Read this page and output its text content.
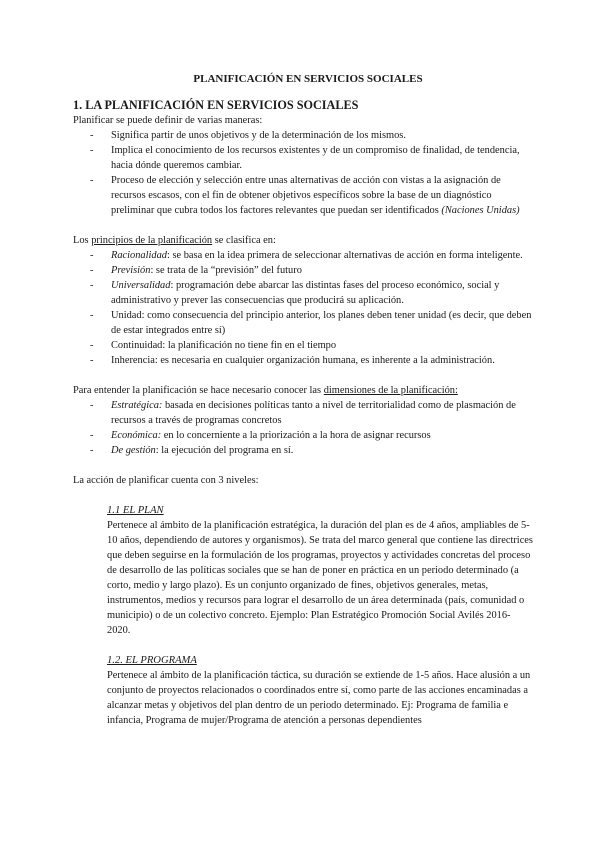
PLANIFICACIÓN EN SERVICIOS SOCIALES
1. LA PLANIFICACIÓN EN SERVICIOS SOCIALES

Planificar se puede definir de varias maneras:

- Significa partir de unos objetivos y de la determinación de los mismos.
- Implica el conocimiento de los recursos existentes y de un compromiso de finalidad, de tendencia, hacia dónde queremos cambiar.
- Proceso de elección y selección entre unas alternativas de acción con vistas a la asignación de recursos escasos, con el fin de obtener objetivos específicos sobre la base de un diagnóstico preliminar que cubra todos los factores relevantes que puedan ser identificados (Naciones Unidas)

Los principios de la planificación se clasifica en:

- Racionalidad: se basa en la idea primera de seleccionar alternativas de acción en forma inteligente.
- Previsión: se trata de la “previsión” del futuro
- Universalidad: programación debe abarcar las distintas fases del proceso económico, social y administrativo y prever las consecuencias que producirá su aplicación.
- Unidad: como consecuencia del principio anterior, los planes deben tener unidad (es decir, que deben de estar integrados entre sí)
- Continuidad: la planificación no tiene fin en el tiempo
- Inherencia: es necesaria en cualquier organización humana, es inherente a la administración.

Para entender la planificación se hace necesario conocer las dimensiones de la planificación:

- Estratégica: basada en decisiones políticas tanto a nivel de territorialidad como de plasmación de recursos a través de programas concretos
- Económica: en lo concerniente a la priorización a la hora de asignar recursos
- De gestión: la ejecución del programa en sí.

La acción de planificar cuenta con 3 niveles:

1.1 EL PLAN

Pertenece al ámbito de la planificación estratégica, la duración del plan es de 4 años, ampliables de 5-10 años, dependiendo de autores y organismos). Se trata del marco general que contiene las directrices que deben seguirse en la formulación de los programas, proyectos y actividades concretas del proceso de desarrollo de las políticas sociales que se han de poner en práctica en un periodo determinado (a corto, medio y largo plazo). Es un conjunto organizado de fines, objetivos generales, metas, instrumentos, medios y recursos para lograr el desarrollo de un área determinada (país, comunidad o municipio) o de un colectivo concreto. Ejemplo: Plan Estratégico Promoción Social Avilés 2016-2020.

1.2. EL PROGRAMA

Pertenece al ámbito de la planificación táctica, su duración se extiende de 1-5 años. Hace alusión a un conjunto de proyectos relacionados o coordinados entre sí, como parte de las acciones encaminadas a alcanzar metas y objetivos del plan dentro de un periodo determinado. Ej: Programa de familia e infancia, Programa de mujer/Programa de atención a personas dependientes
